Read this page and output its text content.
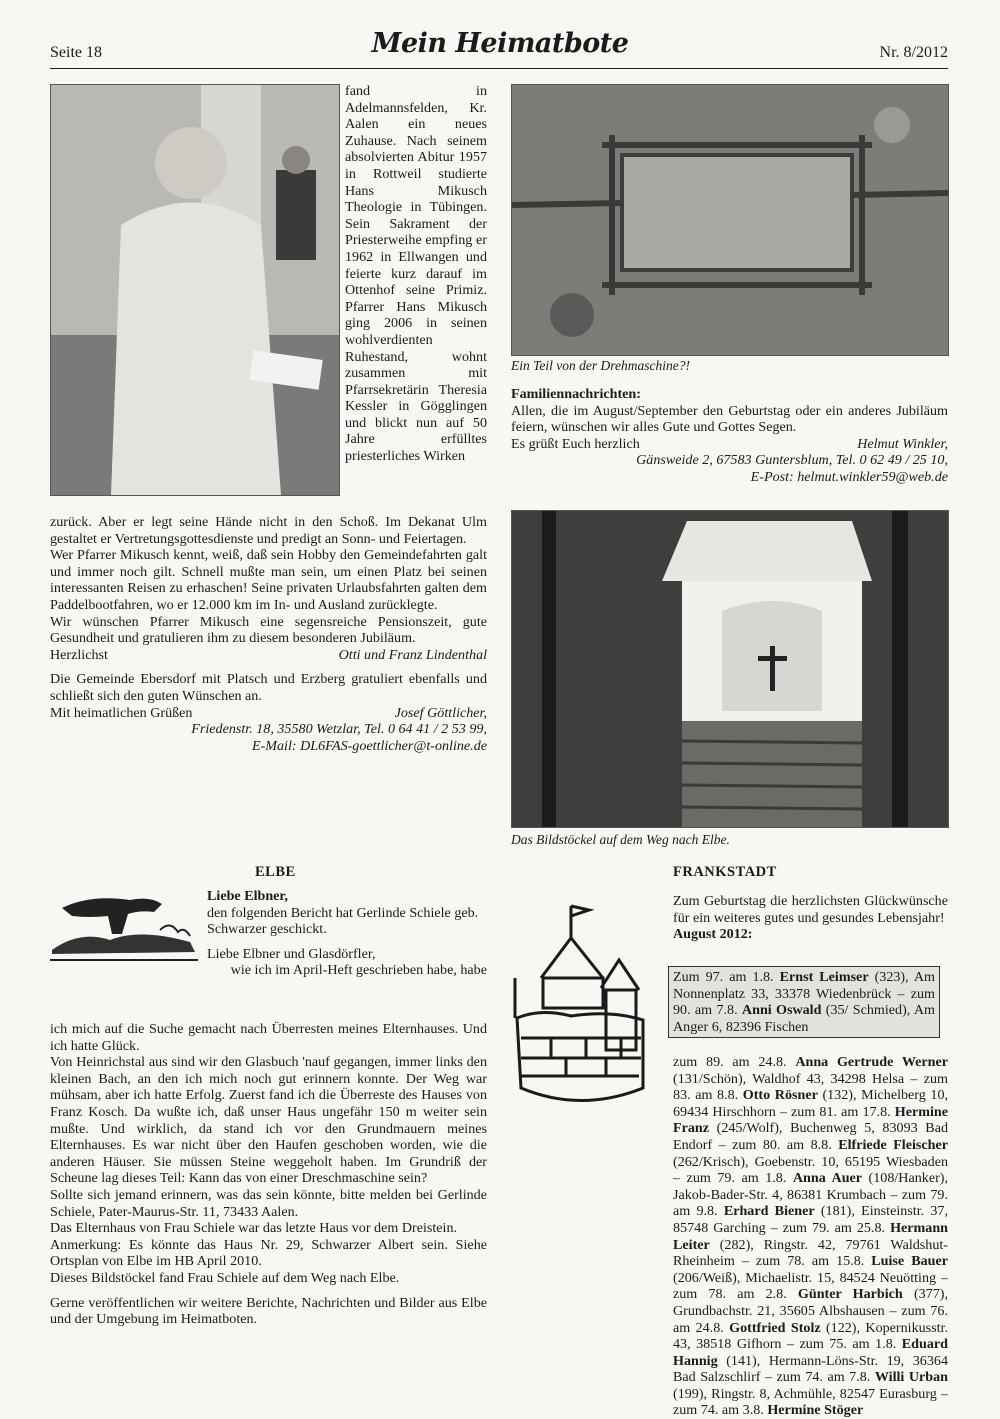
Seite 18	Mein Heimatbote	Nr. 8/2012

fand in Adelmannsfelden, Kr. Aalen ein neues Zuhause. Nach seinem absolvierten Abitur 1957 in Rottweil studierte Hans Mikusch Theologie in Tübingen. Sein Sakrament der Priesterweihe empfing er 1962 in Ellwangen und feierte kurz darauf im Ottenhof seine Primiz. Pfarrer Hans Mikusch ging 2006 in seinen wohlverdienten Ruhestand, wohnt zusammen mit Pfarrsekretärin Theresia Kessler in Gögglingen und blickt nun auf 50 Jahre erfülltes priesterliches Wirken

zurück. Aber er legt seine Hände nicht in den Schoß. Im Dekanat Ulm gestaltet er Vertretungsgottesdienste und predigt an Sonn- und Feiertagen.

Wer Pfarrer Mikusch kennt, weiß, daß sein Hobby den Gemeindefahrten galt und immer noch gilt. Schnell mußte man sein, um einen Platz bei seinen interessanten Reisen zu erhaschen! Seine privaten Urlaubsfahrten galten dem Paddelbootfahren, wo er 12.000 km im In- und Ausland zurücklegte.

Wir wünschen Pfarrer Mikusch eine segensreiche Pensionszeit, gute Gesundheit und gratulieren ihm zu diesem besonderen Jubiläum.

Herzlichst	Otti und Franz Lindenthal

Die Gemeinde Ebersdorf mit Platsch und Erzberg gratuliert ebenfalls und schließt sich den guten Wünschen an.

Mit heimatlichen Grüßen	Josef Göttlicher,

Friedenstr. 18, 35580 Wetzlar, Tel. 0 64 41 / 2 53 99,

E-Mail: DL6FAS-goettlicher@t-online.de

ELBE

Liebe Elbner,

den folgenden Bericht hat Gerlinde Schiele geb. Schwarzer geschickt.

Liebe Elbner und Glasdörfler,

wie ich im April-Heft geschrieben habe, habe

ich mich auf die Suche gemacht nach Überresten meines Elternhauses. Und ich hatte Glück.

Von Heinrichstal aus sind wir den Glasbuch 'nauf gegangen, immer links den kleinen Bach, an den ich mich noch gut erinnern konnte. Der Weg war mühsam, aber ich hatte Erfolg. Zuerst fand ich die Überreste des Hauses von Franz Kosch. Da wußte ich, daß unser Haus ungefähr 150 m weiter sein mußte. Und wirklich, da stand ich vor den Grundmauern meines Elternhauses. Es war nicht über den Haufen geschoben worden, wie die anderen Häuser. Sie müssen Steine weggeholt haben. Im Grundriß der Scheune lag dieses Teil: Kann das von einer Dreschmaschine sein?

Sollte sich jemand erinnern, was das sein könnte, bitte melden bei Gerlinde Schiele, Pater-Maurus-Str. 11, 73433 Aalen.

Das Elternhaus von Frau Schiele war das letzte Haus vor dem Dreistein.

Anmerkung: Es könnte das Haus Nr. 29, Schwarzer Albert sein. Siehe Ortsplan von Elbe im HB April 2010.

Dieses Bildstöckel fand Frau Schiele auf dem Weg nach Elbe.

Gerne veröffentlichen wir weitere Berichte, Nachrichten und Bilder aus Elbe und der Umgebung im Heimatboten.

Ein Teil von der Drehmaschine?!

Familiennachrichten:

Allen, die im August/September den Geburtstag oder ein anderes Jubiläum feiern, wünschen wir alles Gute und Gottes Segen.

Es grüßt Euch herzlich	Helmut Winkler,

Gänsweide 2, 67583 Guntersblum, Tel. 0 62 49 / 25 10,

E-Post: helmut.winkler59@web.de

Das Bildstöckel auf dem Weg nach Elbe.
FRANKSTADT

Zum Geburtstag die herzlichsten Glückwünsche für ein weiteres gutes und gesundes Lebensjahr!

August 2012:

Zum 97. am 1.8. Ernst Leimser (323), Am Nonnenplatz 33, 33378 Wiedenbrück – zum 90. am 7.8. Anni Oswald (35/ Schmied), Am Anger 6, 82396 Fischen
zum 89. am 24.8. Anna Gertrude Werner (131/Schön), Waldhof 43, 34298 Helsa – zum 83. am 8.8. Otto Rösner (132), Michelberg 10, 69434 Hirschhorn – zum 81. am 17.8. Hermine Franz (245/Wolf), Buchenweg 5, 83093 Bad Endorf – zum 80. am 8.8. Elfriede Fleischer (262/Krisch), Goebenstr. 10, 65195 Wiesbaden – zum 79. am 1.8. Anna Auer (108/Hanker), Jakob-Bader-Str. 4, 86381 Krumbach – zum 79. am 9.8. Erhard Biener (181), Einsteinstr. 37, 85748 Garching – zum 79. am 25.8. Hermann Leiter (282), Ringstr. 42, 79761 Waldshut-Rheinheim – zum 78. am 15.8. Luise Bauer (206/Weiß), Michaelistr. 15, 84524 Neuötting – zum 78. am 2.8. Günter Harbich (377), Grundbachstr. 21, 35605 Albshausen – zum 76. am 24.8. Gottfried Stolz (122), Kopernikusstr. 43, 38518 Gifhorn – zum 75. am 1.8. Eduard Hannig (141), Hermann-Löns-Str. 19, 36364 Bad Salzschlirf – zum 74. am 7.8. Willi Urban (199), Ringstr. 8, Achmühle, 82547 Eurasburg – zum 74. am 3.8. Hermine Stöger
